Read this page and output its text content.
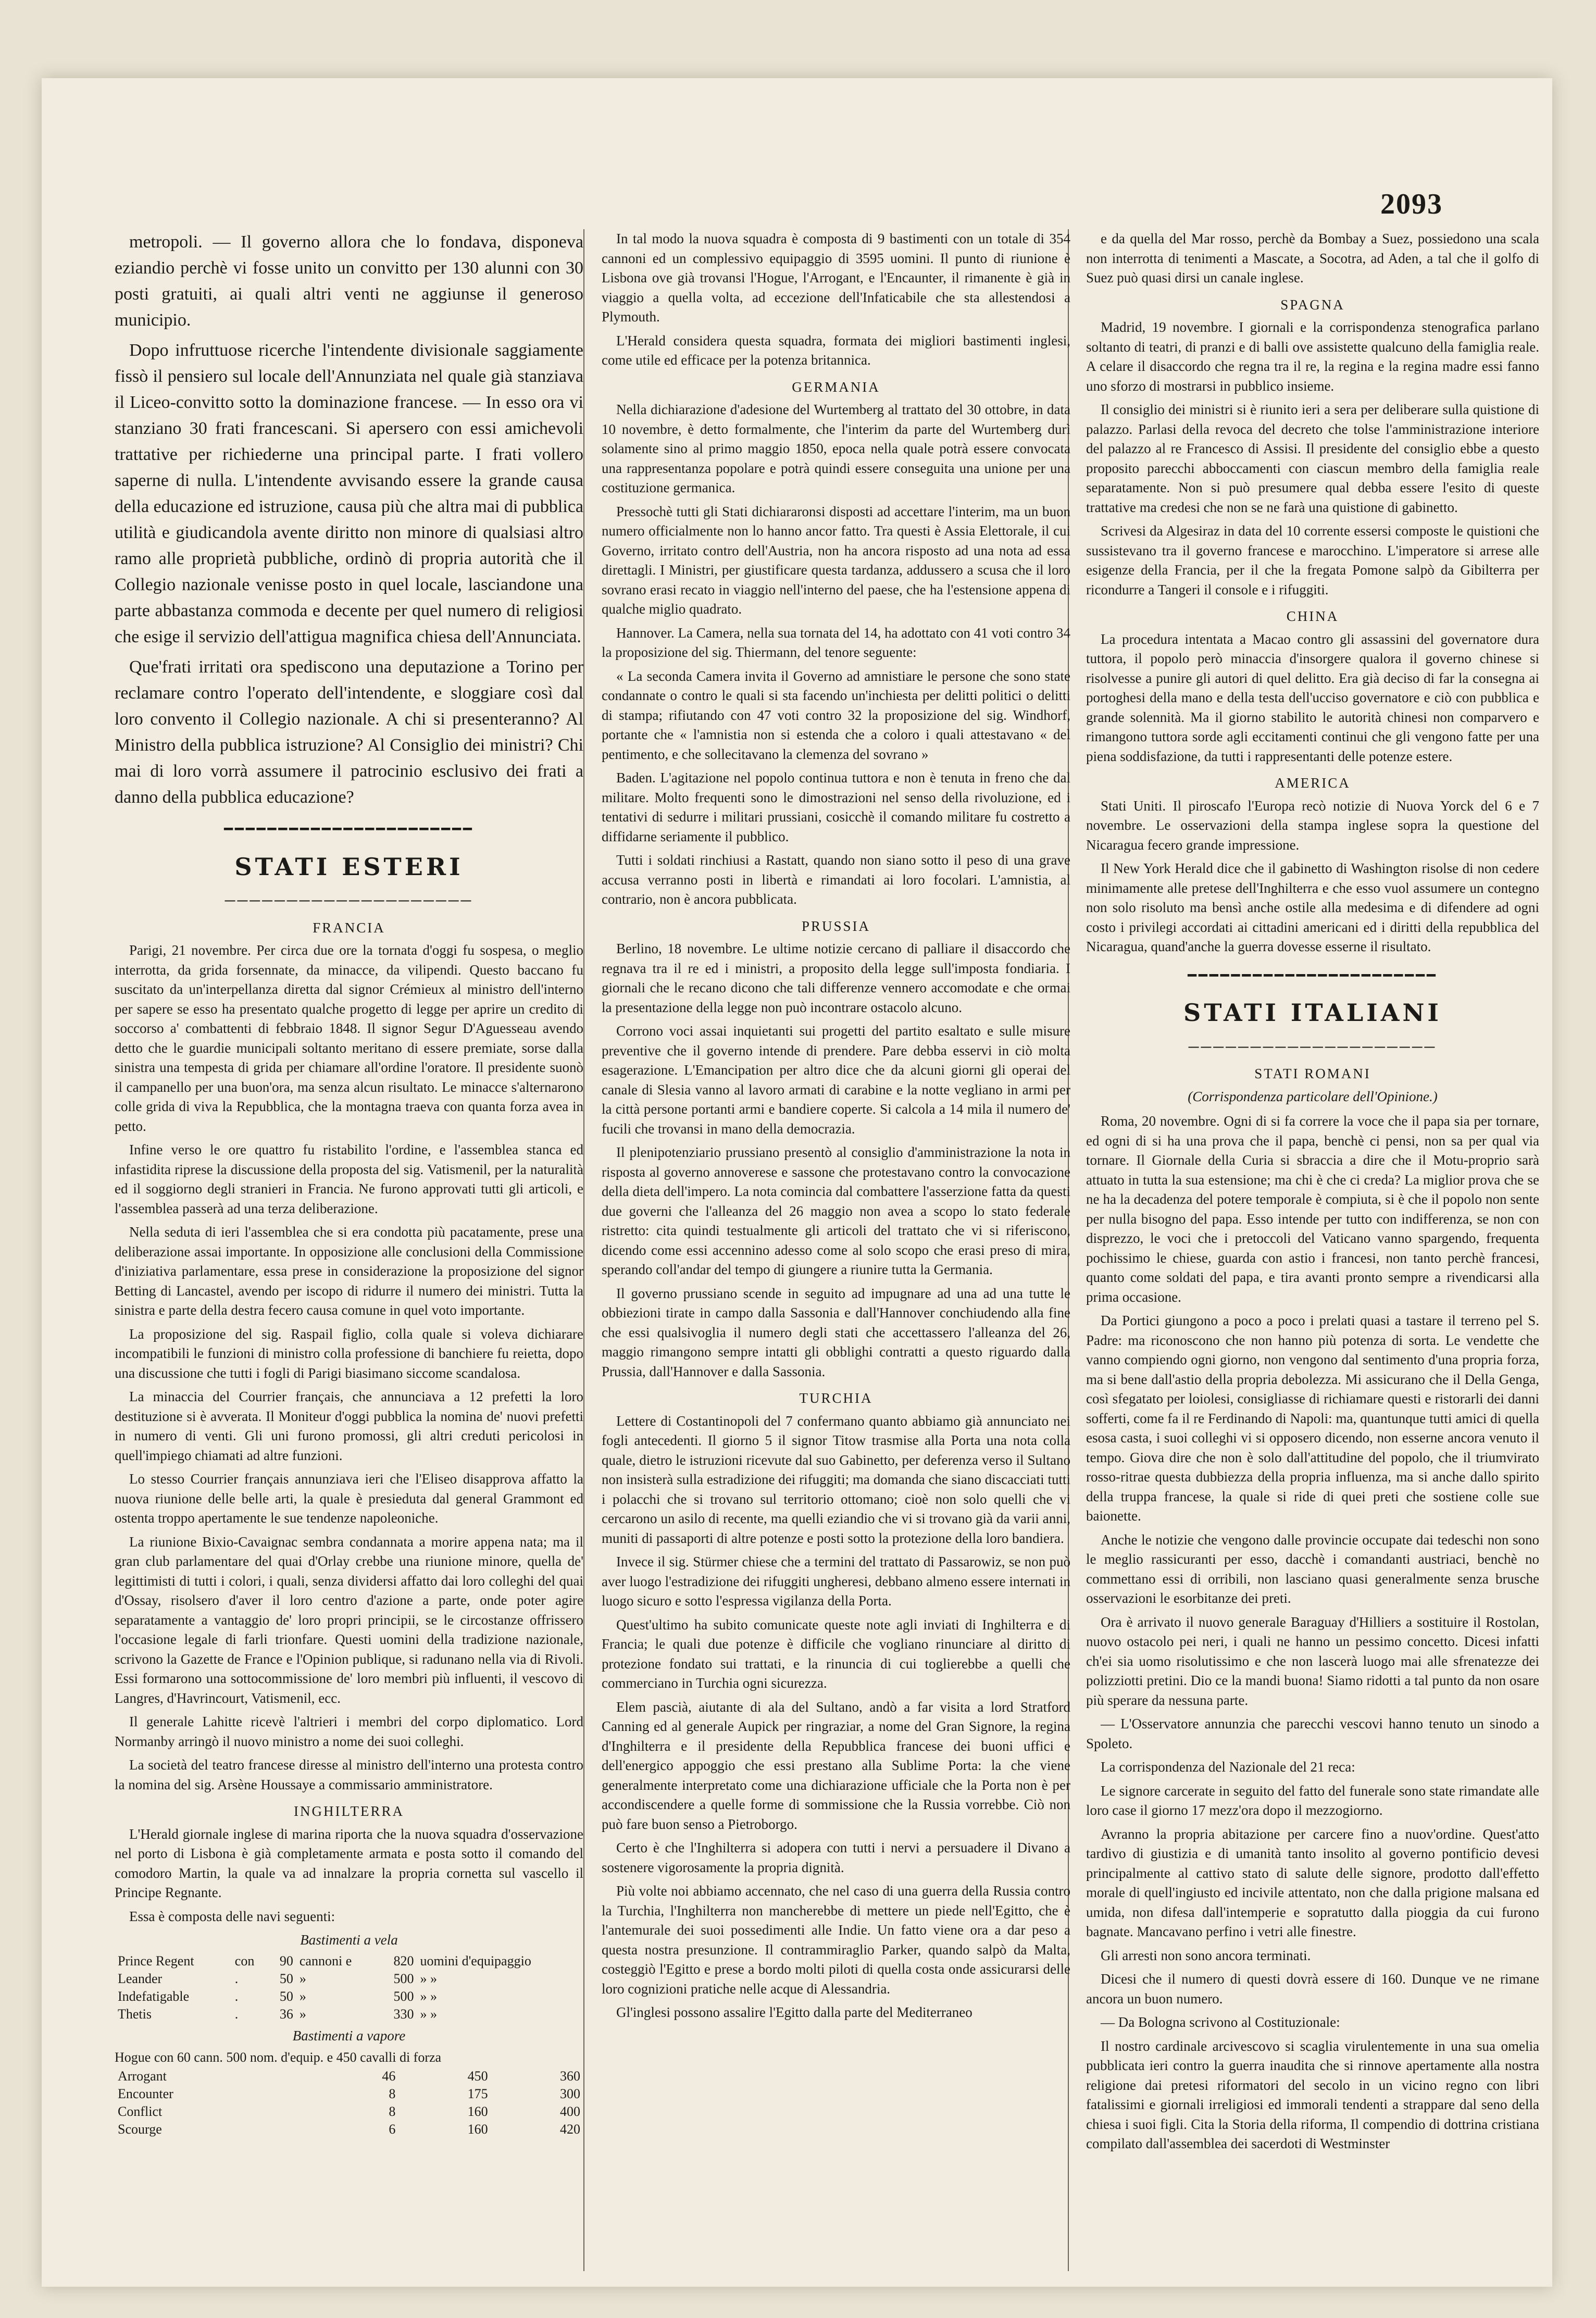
2093

metropoli. — Il governo allora che lo fondava, disponeva eziandio perchè vi fosse unito un convitto per 130 alunni con 30 posti gratuiti, ai quali altri venti ne aggiunse il generoso municipio.

Dopo infruttuose ricerche l'intendente divisionale saggiamente fissò il pensiero sul locale dell'Annunziata nel quale già stanziava il Liceo-convitto sotto la dominazione francese. — In esso ora vi stanziano 30 frati francescani. Si apersero con essi amichevoli trattative per richiederne una principal parte. I frati vollero saperne di nulla. L'intendente avvisando essere la grande causa della educazione ed istruzione, causa più che altra mai di pubblica utilità e giudicandola avente diritto non minore di qualsiasi altro ramo alle proprietà pubbliche, ordinò di propria autorità che il Collegio nazionale venisse posto in quel locale, lasciandone una parte abbastanza commoda e decente per quel numero di religiosi che esige il servizio dell'attigua magnifica chiesa dell'Annunciata.

Que'frati irritati ora spediscono una deputazione a Torino per reclamare contro l'operato dell'intendente, e sloggiare così dal loro convento il Collegio nazionale. A chi si presenteranno? Al Ministro della pubblica istruzione? Al Consiglio dei ministri? Chi mai di loro vorrà assumere il patrocinio esclusivo dei frati a danno della pubblica educazione?

━━━━━━━━━━━━━━━━━━━━━━━
STATI ESTERI
────────────────────
FRANCIA

Parigi, 21 novembre. Per circa due ore la tornata d'oggi fu sospesa, o meglio interrotta, da grida forsennate, da minacce, da vilipendi. Questo baccano fu suscitato da un'interpellanza diretta dal signor Crémieux al ministro dell'interno per sapere se esso ha presentato qualche progetto di legge per aprire un credito di soccorso a' combattenti di febbraio 1848. Il signor Segur D'Aguesseau avendo detto che le guardie municipali soltanto meritano di essere premiate, sorse dalla sinistra una tempesta di grida per chiamare all'ordine l'oratore. Il presidente suonò il campanello per una buon'ora, ma senza alcun risultato. Le minacce s'alternarono colle grida di viva la Repubblica, che la montagna traeva con quanta forza avea in petto.

Infine verso le ore quattro fu ristabilito l'ordine, e l'assemblea stanca ed infastidita riprese la discussione della proposta del sig. Vatismenil, per la naturalità ed il soggiorno degli stranieri in Francia. Ne furono approvati tutti gli articoli, e l'assemblea passerà ad una terza deliberazione.

Nella seduta di ieri l'assemblea che si era condotta più pacatamente, prese una deliberazione assai importante. In opposizione alle conclusioni della Commissione d'iniziativa parlamentare, essa prese in considerazione la proposizione del signor Betting di Lancastel, avendo per iscopo di ridurre il numero dei ministri. Tutta la sinistra e parte della destra fecero causa comune in quel voto importante.

La proposizione del sig. Raspail figlio, colla quale si voleva dichiarare incompatibili le funzioni di ministro colla professione di banchiere fu reietta, dopo una discussione che tutti i fogli di Parigi biasimano siccome scandalosa.

La minaccia del Courrier français, che annunciava a 12 prefetti la loro destituzione si è avverata. Il Moniteur d'oggi pubblica la nomina de' nuovi prefetti in numero di venti. Gli uni furono promossi, gli altri creduti pericolosi in quell'impiego chiamati ad altre funzioni.

Lo stesso Courrier français annunziava ieri che l'Eliseo disapprova affatto la nuova riunione delle belle arti, la quale è presieduta dal general Grammont ed ostenta troppo apertamente le sue tendenze napoleoniche.

La riunione Bixio-Cavaignac sembra condannata a morire appena nata; ma il gran club parlamentare del quai d'Orlay crebbe una riunione minore, quella de' legittimisti di tutti i colori, i quali, senza dividersi affatto dai loro colleghi del quai d'Ossay, risolsero d'aver il loro centro d'azione a parte, onde poter agire separatamente a vantaggio de' loro propri principii, se le circostanze offrissero l'occasione legale di farli trionfare. Questi uomini della tradizione nazionale, scrivono la Gazette de France e l'Opinion publique, si radunano nella via di Rivoli. Essi formarono una sottocommissione de' loro membri più influenti, il vescovo di Langres, d'Havrincourt, Vatismenil, ecc.

Il generale Lahitte ricevè l'altrieri i membri del corpo diplomatico. Lord Normanby arringò il nuovo ministro a nome dei suoi colleghi.

La società del teatro francese diresse al ministro dell'interno una protesta contro la nomina del sig. Arsène Houssaye a commissario amministratore.

INGHILTERRA

L'Herald giornale inglese di marina riporta che la nuova squadra d'osservazione nel porto di Lisbona è già completamente armata e posta sotto il comando del comodoro Martin, la quale va ad innalzare la propria cornetta sul vascello il Principe Regnante.

Essa è composta delle navi seguenti:

Bastimenti a vela
Prince Regent	con	90	cannoni e	820	uomini d'equipaggio
Leander	.	50	»	500	» »
Indefatigable	.	50	»	500	» »
Thetis	.	36	»	330	» »
Bastimenti a vapore
Hogue con 60 cann. 500 nom. d'equip. e 450 cavalli di forza
Arrogant	46	450	360
Encounter	8	175	300
Conflict	8	160	400
Scourge	6	160	420

In tal modo la nuova squadra è composta di 9 bastimenti con un totale di 354 cannoni ed un complessivo equipaggio di 3595 uomini. Il punto di riunione è Lisbona ove già trovansi l'Hogue, l'Arrogant, e l'Encaunter, il rimanente è già in viaggio a quella volta, ad eccezione dell'Infaticabile che sta allestendosi a Plymouth.

L'Herald considera questa squadra, formata dei migliori bastimenti inglesi, come utile ed efficace per la potenza britannica.

GERMANIA

Nella dichiarazione d'adesione del Wurtemberg al trattato del 30 ottobre, in data 10 novembre, è detto formalmente, che l'interim da parte del Wurtemberg durì solamente sino al primo maggio 1850, epoca nella quale potrà essere convocata una rappresentanza popolare e potrà quindi essere conseguita una unione per una costituzione germanica.

Pressochè tutti gli Stati dichiararonsi disposti ad accettare l'interim, ma un buon numero officialmente non lo hanno ancor fatto. Tra questi è Assia Elettorale, il cui Governo, irritato contro dell'Austria, non ha ancora risposto ad una nota ad essa direttagli. I Ministri, per giustificare questa tardanza, addussero a scusa che il loro sovrano erasi recato in viaggio nell'interno del paese, che ha l'estensione appena di qualche miglio quadrato.

Hannover. La Camera, nella sua tornata del 14, ha adottato con 41 voti contro 34 la proposizione del sig. Thiermann, del tenore seguente:

« La seconda Camera invita il Governo ad amnistiare le persone che sono state condannate o contro le quali si sta facendo un'inchiesta per delitti politici o delitti di stampa; rifiutando con 47 voti contro 32 la proposizione del sig. Windhorf, portante che « l'amnistia non si estenda che a coloro i quali attestavano « del pentimento, e che sollecitavano la clemenza del sovrano »

Baden. L'agitazione nel popolo continua tuttora e non è tenuta in freno che dal militare. Molto frequenti sono le dimostrazioni nel senso della rivoluzione, ed i tentativi di sedurre i militari prussiani, cosicchè il comando militare fu costretto a diffidarne seriamente il pubblico.

Tutti i soldati rinchiusi a Rastatt, quando non siano sotto il peso di una grave accusa verranno posti in libertà e rimandati ai loro focolari. L'amnistia, al contrario, non è ancora pubblicata.

PRUSSIA

Berlino, 18 novembre. Le ultime notizie cercano di palliare il disaccordo che regnava tra il re ed i ministri, a proposito della legge sull'imposta fondiaria. I giornali che le recano dicono che tali differenze vennero accomodate e che ormai la presentazione della legge non può incontrare ostacolo alcuno.

Corrono voci assai inquietanti sui progetti del partito esaltato e sulle misure preventive che il governo intende di prendere. Pare debba esservi in ciò molta esagerazione. L'Emancipation per altro dice che da alcuni giorni gli operai del canale di Slesia vanno al lavoro armati di carabine e la notte vegliano in armi per la città persone portanti armi e bandiere coperte. Si calcola a 14 mila il numero de' fucili che trovansi in mano della democrazia.

Il plenipotenziario prussiano presentò al consiglio d'amministrazione la nota in risposta al governo annoverese e sassone che protestavano contro la convocazione della dieta dell'impero. La nota comincia dal combattere l'asserzione fatta da questi due governi che l'alleanza del 26 maggio non avea a scopo lo stato federale ristretto: cita quindi testualmente gli articoli del trattato che vi si riferiscono, dicendo come essi accennino adesso come al solo scopo che erasi preso di mira, sperando coll'andar del tempo di giungere a riunire tutta la Germania.

Il governo prussiano scende in seguito ad impugnare ad una ad una tutte le obbiezioni tirate in campo dalla Sassonia e dall'Hannover conchiudendo alla fine che essi qualsivoglia il numero degli stati che accettassero l'alleanza del 26, maggio rimangono sempre intatti gli obblighi contratti a questo riguardo dalla Prussia, dall'Hannover e dalla Sassonia.

TURCHIA

Lettere di Costantinopoli del 7 confermano quanto abbiamo già annunciato nei fogli antecedenti. Il giorno 5 il signor Titow trasmise alla Porta una nota colla quale, dietro le istruzioni ricevute dal suo Gabinetto, per deferenza verso il Sultano non insisterà sulla estradizione dei rifuggiti; ma domanda che siano discacciati tutti i polacchi che si trovano sul territorio ottomano; cioè non solo quelli che vi cercarono un asilo di recente, ma quelli eziandio che vi si trovano già da varii anni, muniti di passaporti di altre potenze e posti sotto la protezione della loro bandiera.

Invece il sig. Stürmer chiese che a termini del trattato di Passarowiz, se non può aver luogo l'estradizione dei rifuggiti ungheresi, debbano almeno essere internati in luogo sicuro e sotto l'espressa vigilanza della Porta.

Quest'ultimo ha subito comunicate queste note agli inviati di Inghilterra e di Francia; le quali due potenze è difficile che vogliano rinunciare al diritto di protezione fondato sui trattati, e la rinuncia di cui toglierebbe a quelli che commerciano in Turchia ogni sicurezza.

Elem pascià, aiutante di ala del Sultano, andò a far visita a lord Stratford Canning ed al generale Aupick per ringraziar, a nome del Gran Signore, la regina d'Inghilterra e il presidente della Repubblica francese dei buoni uffici e dell'energico appoggio che essi prestano alla Sublime Porta: la che viene generalmente interpretato come una dichiarazione ufficiale che la Porta non è per accondiscendere a quelle forme di sommissione che la Russia vorrebbe. Ciò non può fare buon senso a Pietroborgo.

Certo è che l'Inghilterra si adopera con tutti i nervi a persuadere il Divano a sostenere vigorosamente la propria dignità.

Più volte noi abbiamo accennato, che nel caso di una guerra della Russia contro la Turchia, l'Inghilterra non mancherebbe di mettere un piede nell'Egitto, che è l'antemurale dei suoi possedimenti alle Indie. Un fatto viene ora a dar peso a questa nostra presunzione. Il contrammiraglio Parker, quando salpò da Malta, costeggiò l'Egitto e prese a bordo molti piloti di quella costa onde assicurarsi delle loro cognizioni pratiche nelle acque di Alessandria.

Gl'inglesi possono assalire l'Egitto dalla parte del Mediterraneo

e da quella del Mar rosso, perchè da Bombay a Suez, possiedono una scala non interrotta di tenimenti a Mascate, a Socotra, ad Aden, a tal che il golfo di Suez può quasi dirsi un canale inglese.

SPAGNA

Madrid, 19 novembre. I giornali e la corrispondenza stenografica parlano soltanto di teatri, di pranzi e di balli ove assistette qualcuno della famiglia reale. A celare il disaccordo che regna tra il re, la regina e la regina madre essi fanno uno sforzo di mostrarsi in pubblico insieme.

Il consiglio dei ministri si è riunito ieri a sera per deliberare sulla quistione di palazzo. Parlasi della revoca del decreto che tolse l'amministrazione interiore del palazzo al re Francesco di Assisi. Il presidente del consiglio ebbe a questo proposito parecchi abboccamenti con ciascun membro della famiglia reale separatamente. Non si può presumere qual debba essere l'esito di queste trattative ma credesi che non se ne farà una quistione di gabinetto.

Scrivesi da Algesiraz in data del 10 corrente essersi composte le quistioni che sussistevano tra il governo francese e marocchino. L'imperatore si arrese alle esigenze della Francia, per il che la fregata Pomone salpò da Gibilterra per ricondurre a Tangeri il console e i rifuggiti.

CHINA

La procedura intentata a Macao contro gli assassini del governatore dura tuttora, il popolo però minaccia d'insorgere qualora il governo chinese si risolvesse a punire gli autori di quel delitto. Era già deciso di far la consegna ai portoghesi della mano e della testa dell'ucciso governatore e ciò con pubblica e grande solennità. Ma il giorno stabilito le autorità chinesi non comparvero e rimangono tuttora sorde agli eccitamenti continui che gli vengono fatte per una piena soddisfazione, da tutti i rappresentanti delle potenze estere.

AMERICA

Stati Uniti. Il piroscafo l'Europa recò notizie di Nuova Yorck del 6 e 7 novembre. Le osservazioni della stampa inglese sopra la questione del Nicaragua fecero grande impressione.

Il New York Herald dice che il gabinetto di Washington risolse di non cedere minimamente alle pretese dell'Inghilterra e che esso vuol assumere un contegno non solo risoluto ma bensì anche ostile alla medesima e di difendere ad ogni costo i privilegi accordati ai cittadini americani ed i diritti della repubblica del Nicaragua, quand'anche la guerra dovesse esserne il risultato.

━━━━━━━━━━━━━━━━━━━━━━━
STATI ITALIANI
────────────────────
STATI ROMANI
(Corrispondenza particolare dell'Opinione.)

Roma, 20 novembre. Ogni di si fa correre la voce che il papa sia per tornare, ed ogni di si ha una prova che il papa, benchè ci pensi, non sa per qual via tornare. Il Giornale della Curia si sbraccia a dire che il Motu-proprio sarà attuato in tutta la sua estensione; ma chi è che ci creda? La miglior prova che se ne ha la decadenza del potere temporale è compiuta, si è che il popolo non sente per nulla bisogno del papa. Esso intende per tutto con indifferenza, se non con disprezzo, le voci che i pretoccoli del Vaticano vanno spargendo, frequenta pochissimo le chiese, guarda con astio i francesi, non tanto perchè francesi, quanto come soldati del papa, e tira avanti pronto sempre a rivendicarsi alla prima occasione.

Da Portici giungono a poco a poco i prelati quasi a tastare il terreno pel S. Padre: ma riconoscono che non hanno più potenza di sorta. Le vendette che vanno compiendo ogni giorno, non vengono dal sentimento d'una propria forza, ma si bene dall'astio della propria debolezza. Mi assicurano che il Della Genga, così sfegatato per loiolesi, consigliasse di richiamare questi e ristorarli dei danni sofferti, come fa il re Ferdinando di Napoli: ma, quantunque tutti amici di quella esosa casta, i suoi colleghi vi si opposero dicendo, non esserne ancora venuto il tempo. Giova dire che non è solo dall'attitudine del popolo, che il triumvirato rosso-ritrae questa dubbiezza della propria influenza, ma si anche dallo spirito della truppa francese, la quale si ride di quei preti che sostiene colle sue baionette.

Anche le notizie che vengono dalle provincie occupate dai tedeschi non sono le meglio rassicuranti per esso, dacchè i comandanti austriaci, benchè no commettano essi di orribili, non lasciano quasi generalmente senza brusche osservazioni le esorbitanze dei preti.

Ora è arrivato il nuovo generale Baraguay d'Hilliers a sostituire il Rostolan, nuovo ostacolo pei neri, i quali ne hanno un pessimo concetto. Dicesi infatti ch'ei sia uomo risolutissimo e che non lascerà luogo mai alle sfrenatezze dei polizziotti pretini. Dio ce la mandi buona! Siamo ridotti a tal punto da non osare più sperare da nessuna parte.

— L'Osservatore annunzia che parecchi vescovi hanno tenuto un sinodo a Spoleto.

La corrispondenza del Nazionale del 21 reca:

Le signore carcerate in seguito del fatto del funerale sono state rimandate alle loro case il giorno 17 mezz'ora dopo il mezzogiorno.

Avranno la propria abitazione per carcere fino a nuov'ordine. Quest'atto tardivo di giustizia e di umanità tanto insolito al governo pontificio devesi principalmente al cattivo stato di salute delle signore, prodotto dall'effetto morale di quell'ingiusto ed incivile attentato, non che dalla prigione malsana ed umida, non difesa dall'intemperie e sopratutto dalla pioggia da cui furono bagnate. Mancavano perfino i vetri alle finestre.

Gli arresti non sono ancora terminati.

Dicesi che il numero di questi dovrà essere di 160. Dunque ve ne rimane ancora un buon numero.

— Da Bologna scrivono al Costituzionale:

Il nostro cardinale arcivescovo si scaglia virulentemente in una sua omelia pubblicata ieri contro la guerra inaudita che si rinnove apertamente alla nostra religione dai pretesi riformatori del secolo in un vicino regno con libri fatalissimi e giornali irreligiosi ed immorali tendenti a strappare dal seno della chiesa i suoi figli. Cita la Storia della riforma, Il compendio di dottrina cristiana compilato dall'assemblea dei sacerdoti di Westminster
